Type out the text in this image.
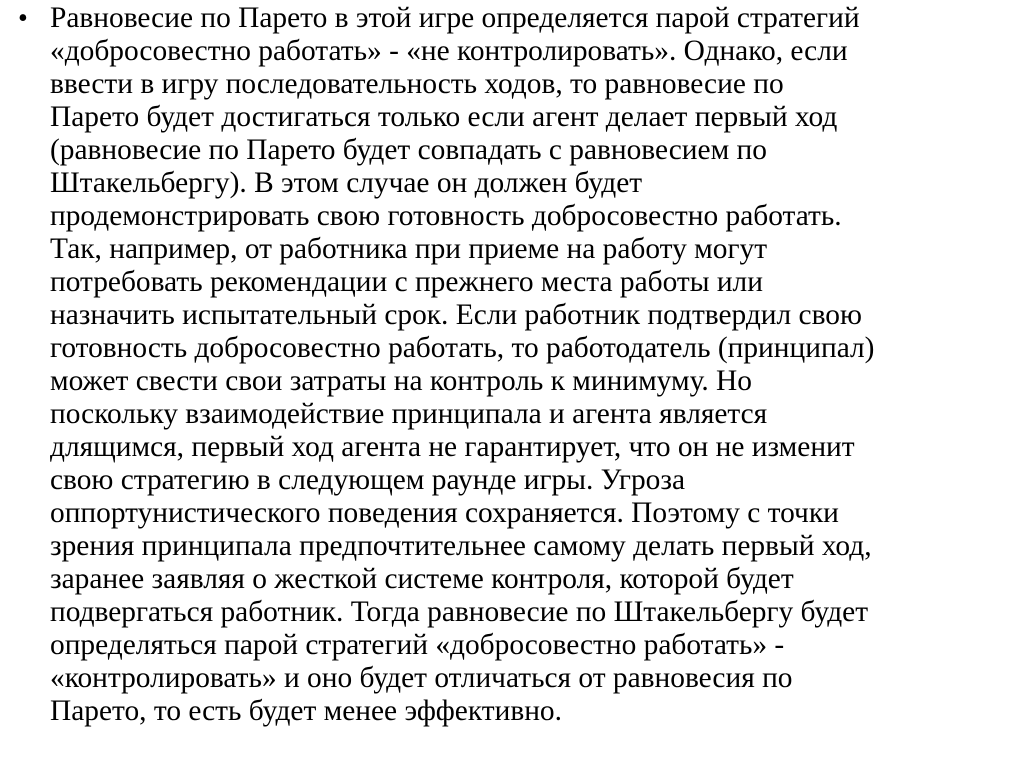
• Равновесие по Парето в этой игре определяется парой стратегий
«добросовестно работать» - «не контролировать». Однако, если
ввести в игру последовательность ходов, то равновесие по
Парето будет достигаться только если агент делает первый ход
(равновесие по Парето будет совпадать с равновесием по
Штакельбергу). В этом случае он должен будет
продемонстрировать свою готовность добросовестно работать.
Так, например, от работника при приеме на работу могут
потребовать рекомендации с прежнего места работы или
назначить испытательный срок. Если работник подтвердил свою
готовность добросовестно работать, то работодатель (принципал)
может свести свои затраты на контроль к минимуму. Но
поскольку взаимодействие принципала и агента является
длящимся, первый ход агента не гарантирует, что он не изменит
свою стратегию в следующем раунде игры. Угроза
оппортунистического поведения сохраняется. Поэтому с точки
зрения принципала предпочтительнее самому делать первый ход,
заранее заявляя о жесткой системе контроля, которой будет
подвергаться работник. Тогда равновесие по Штакельбергу будет
определяться парой стратегий «добросовестно работать» -
«контролировать» и оно будет отличаться от равновесия по
Парето, то есть будет менее эффективно.
